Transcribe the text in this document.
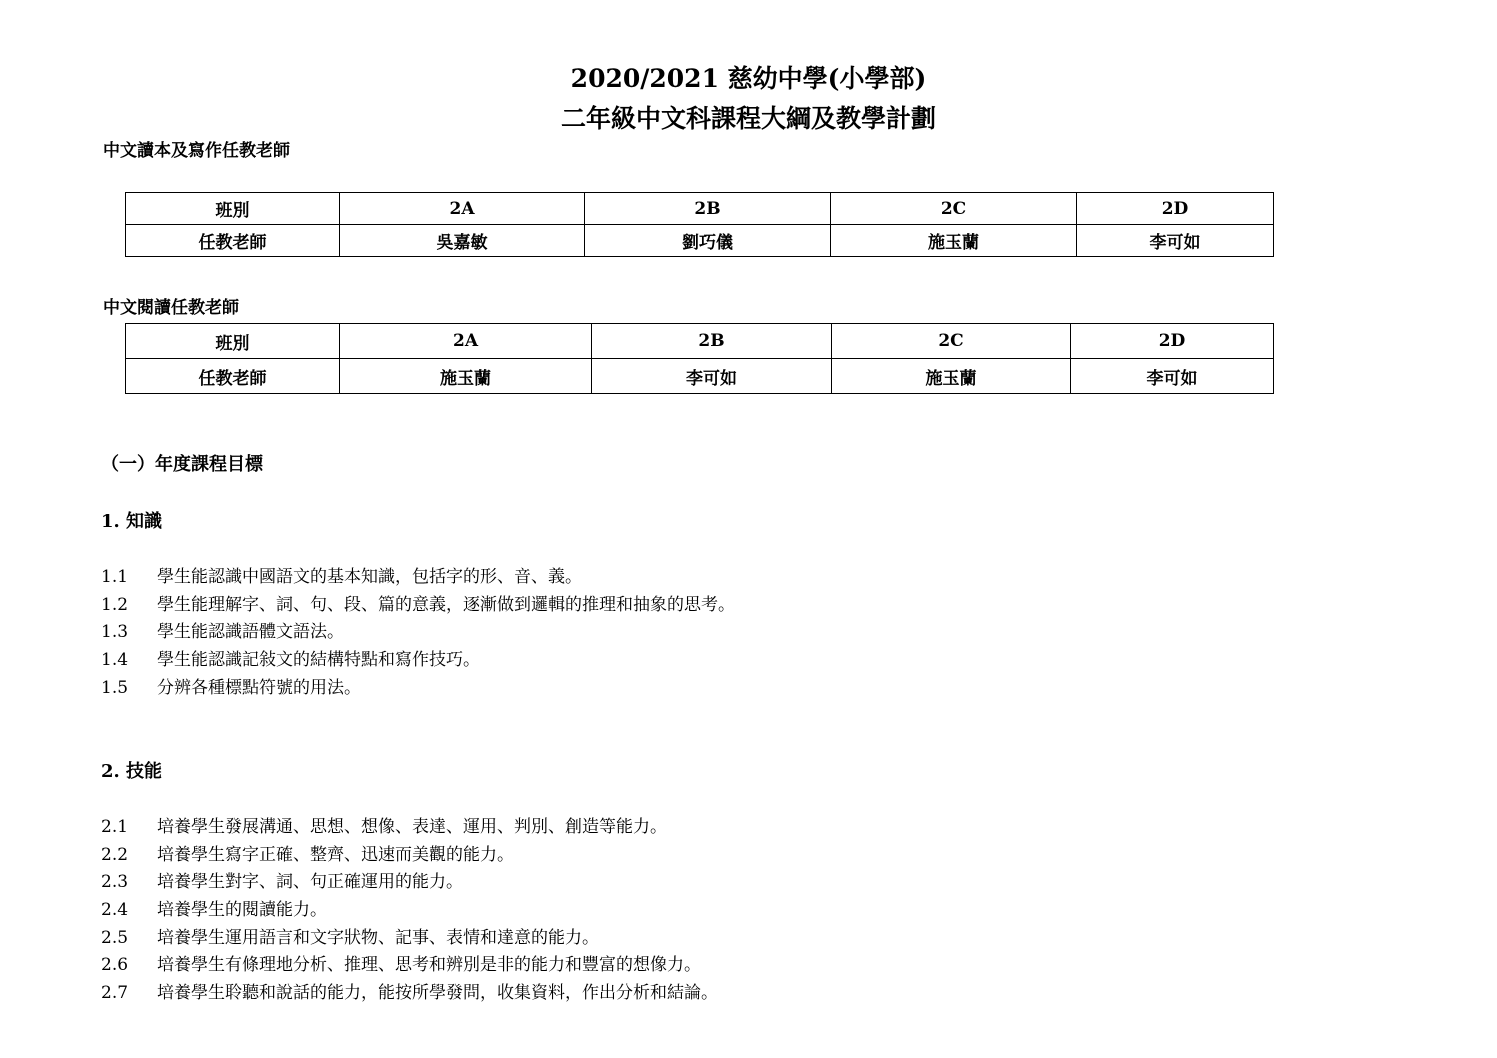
2020/2021 慈幼中學(小學部)
二年級中文科課程大綱及教學計劃
中文讀本及寫作任教老師
班別	2A	2B	2C	2D
任教老師	吳嘉敏	劉巧儀	施玉蘭	李可如
中文閱讀任教老師
班別	2A	2B	2C	2D
任教老師	施玉蘭	李可如	施玉蘭	李可如
（一）年度課程目標
1. 知識
1.1 學生能認識中國語文的基本知識，包括字的形、音、義。
1.2 學生能理解字、詞、句、段、篇的意義，逐漸做到邏輯的推理和抽象的思考。
1.3 學生能認識語體文語法。
1.4 學生能認識記敍文的結構特點和寫作技巧。
1.5 分辨各種標點符號的用法。
2. 技能
2.1 培養學生發展溝通、思想、想像、表達、運用、判別、創造等能力。
2.2 培養學生寫字正確、整齊、迅速而美觀的能力。
2.3 培養學生對字、詞、句正確運用的能力。
2.4 培養學生的閱讀能力。
2.5 培養學生運用語言和文字狀物、記事、表情和達意的能力。
2.6 培養學生有條理地分析、推理、思考和辨別是非的能力和豐富的想像力。
2.7 培養學生聆聽和說話的能力，能按所學發問，收集資料，作出分析和結論。
